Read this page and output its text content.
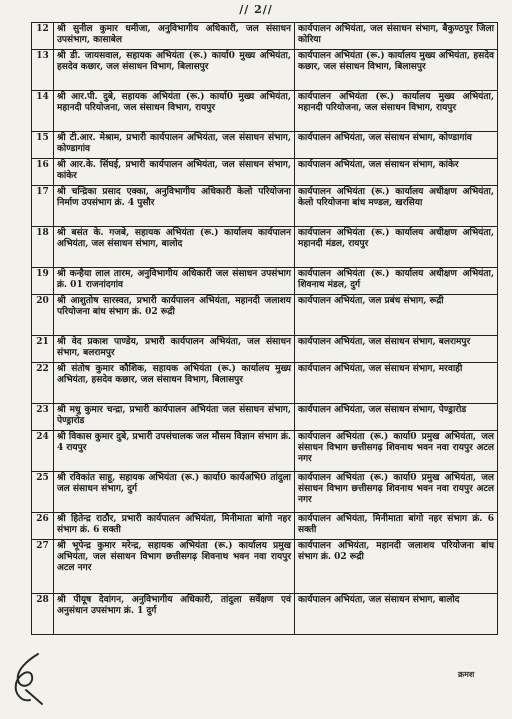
// 2//
12	श्री सुनील कुमार धमीजा, अनुविभागीय अधिकारी, जल संसाधन उपसंभाग, कासाबेल	कार्यपालन अभियंता, जल संसाधन संभाग, बैकुण्ठपुर जिला कोरिया
13	श्री डी. जायसवाल, सहायक अभियंता (रू.) कार्या0 मुख्य अभियंता, हसदेव कछार, जल संसाधन विभाग, बिलासपुर	कार्यपालन अभियंता (रू.) कार्यालय मुख्य अभियंता, हसदेव कछार, जल संसाधन विभाग, बिलासपुर
14	श्री आर.पी. दुबे, सहायक अभियंता (रू.) कार्या0 मुख्य अभियंता, महानदी परियोजना, जल संसाधन विभाग, रायपुर	कार्यपालन अभियंता (रू.) कार्यालय मुख्य अभियंता, महानदी परियोजना, जल संसाधन विभाग, रायपुर
15	श्री टी.आर. मेश्राम, प्रभारी कार्यपालन अभियंता, जल संसाधन संभाग, कोण्डागांव	कार्यपालन अभियंता, जल संसाधन संभाग, कोण्डागांव
16	श्री आर.के. सिंघई, प्रभारी कार्यपालन अभियंता, जल संसाधन संभाग, कांकेर	कार्यपालन अभियंता, जल संसाधन संभाग, कांकेर
17	श्री चन्द्रिका प्रसाद एक्का, अनुविभागीय अधिकारी केलो परियोजना निर्माण उपसंभाग क्रं. 4 पुसौर	कार्यपालन अभियंता (रू.) कार्यालय अधीक्षण अभियंता, केलो परियोजना बांध मण्डल, खरसिया
18	श्री बसंत के. गजबे, सहायक अभियंता (रू.) कार्यालय कार्यपालन अभियंता, जल संसाधन संभाग, बालोद	कार्यपालन अभियंता (रू.) कार्यालय अधीक्षण अभियंता, महानदी मंडल, रायपुर
19	श्री कन्हैया लाल तारम, अनुविभागीय अधिकारी जल संसाधन उपसंभाग क्रं. 01 राजनांदगांव	कार्यपालन अभियंता (रू.) कार्यालय अधीक्षण अभियंता, शिवनाथ मंडल, दुर्ग
20	श्री आशुतोष सारस्वत, प्रभारी कार्यपालन अभियंता, महानदी जलाशय परियोजना बांध संभाग क्रं. 02 रूद्री	कार्यपालन अभियंता, जल प्रबंध संभाग, रूद्री
21	श्री वेद प्रकाश पाण्डेय, प्रभारी कार्यपालन अभियंता, जल संसाधन संभाग, बलरामपुर	कार्यपालन अभियंता, जल संसाधन संभाग, बलरामपुर
22	श्री संतोष कुमार कौशिक, सहायक अभियंता (रू.) कार्यालय मुख्य अभियंता, हसदेव कछार, जल संसाधन विभाग, बिलासपुर	कार्यपालन अभियंता, जल संसाधन संभाग, मरवाही
23	श्री मधु कुमार चन्द्रा, प्रभारी कार्यपालन अभियंता जल संसाधन संभाग, पेण्ड्रारोड	कार्यपालन अभियंता, जल संसाधन संभाग, पेण्ड्रारोड
24	श्री विकास कुमार दुबे, प्रभारी उपसंचालक जल मौसम विज्ञान संभाग क्रं. 4 रायपुर	कार्यपालन अभियंता (रू.) कार्या0 प्रमुख अभियंता, जल संसाधन विभाग छत्तीसगढ़ शिवनाथ भवन नवा रायपुर अटल नगर
25	श्री रविकांत साहू, सहायक अभियंता (रू.) कार्या0 कार्यअभि0 तांदुला जल संसाधन संभाग, दुर्ग	कार्यपालन अभियंता (रू.) कार्या0 प्रमुख अभियंता, जल संसाधन विभाग छत्तीसगढ़ शिवनाथ भवन नवा रायपुर अटल नगर
26	श्री हितेन्द्र राठौर, प्रभारी कार्यपालन अभियंता, मिनीमाता बांगो नहर संभाग क्रं. 6 सक्ती	कार्यपालन अभियंता, मिनीमाता बांगो नहर संभाग क्रं. 6 सक्ती
27	श्री भूपेन्द्र कुमार मरेन्द्र, सहायक अभियंता (रू.) कार्यालय प्रमुख अभियंता, जल संसाधन विभाग छत्तीसगढ़ शिवनाथ भवन नवा रायपुर अटल नगर	कार्यपालन अभियंता, महानदी जलाशय परियोजना बांध संभाग क्रं. 02 रूद्री
28	श्री पीयूष देवांगन, अनुविभागीय अधिकारी, तांदुला सर्वेक्षण एवं अनुसंधान उपसंभाग क्रं. 1 दुर्ग	कार्यपालन अभियंता, जल संसाधन संभाग, बालोद
क्रमश
